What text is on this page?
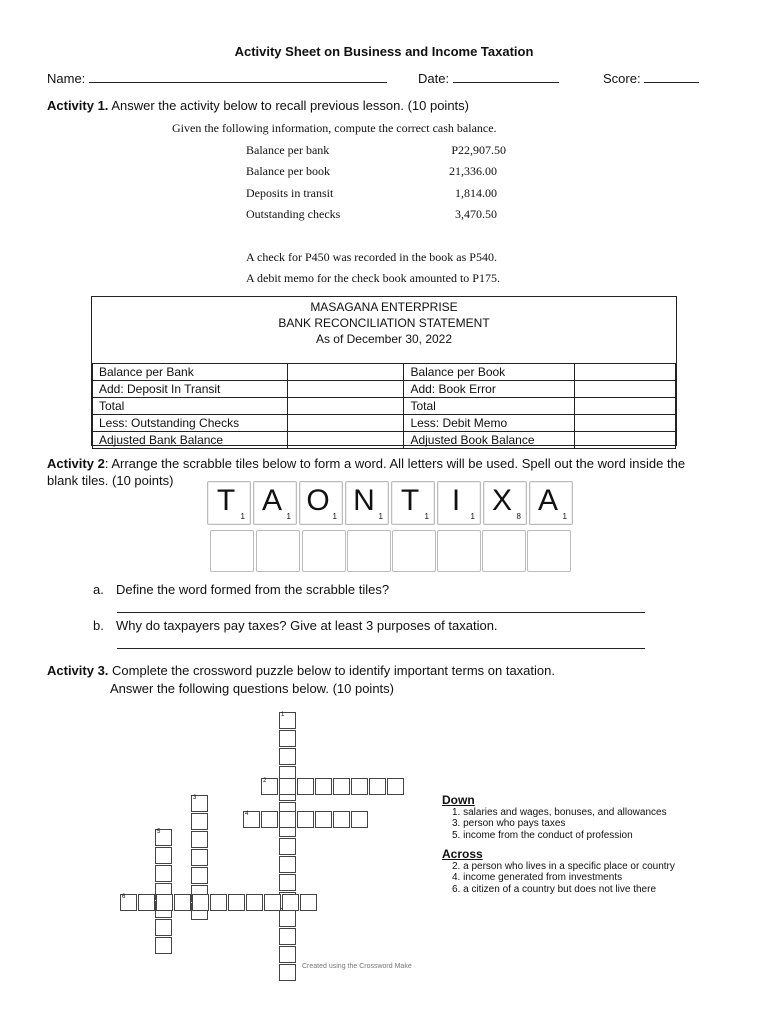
Activity Sheet on Business and Income Taxation
Name:	Date:	Score:
Activity 1. Answer the activity below to recall previous lesson. (10 points)
Given the following information, compute the correct cash balance.
Balance per bank	P22,907.50
Balance per book	21,336.00
Deposits in transit	1,814.00
Outstanding checks	3,470.50
A check for P450 was recorded in the book as P540.
A debit memo for the check book amounted to P175.
MASAGANA ENTERPRISE
BANK RECONCILIATION STATEMENT
As of December 30, 2022
Balance per Bank		Balance per Book	
Add: Deposit In Transit		Add: Book Error	
Total		Total	
Less: Outstanding Checks		Less: Debit Memo	
Adjusted Bank Balance		Adjusted Book Balance	
Activity 2: Arrange the scrabble tiles below to form a word. All letters will be used. Spell out the word inside the
blank tiles. (10 points)
T 1 A 1 O 1 N 1 T 1 I	1 X 8 A 1
a. Define the word formed from the scrabble tiles?
b. Why do taxpayers pay taxes? Give at least 3 purposes of taxation.
Activity 3. Complete the crossword puzzle below to identify important terms on taxation.
Answer the following questions below. (10 points)
1
2
3
4
5
6
Down
1. salaries and wages, bonuses, and allowances
3. person who pays taxes
5. income from the conduct of profession
Across
2. a person who lives in a specific place or country
4. income generated from investments
6. a citizen of a country but does not live there
Created using the Crossword Make
